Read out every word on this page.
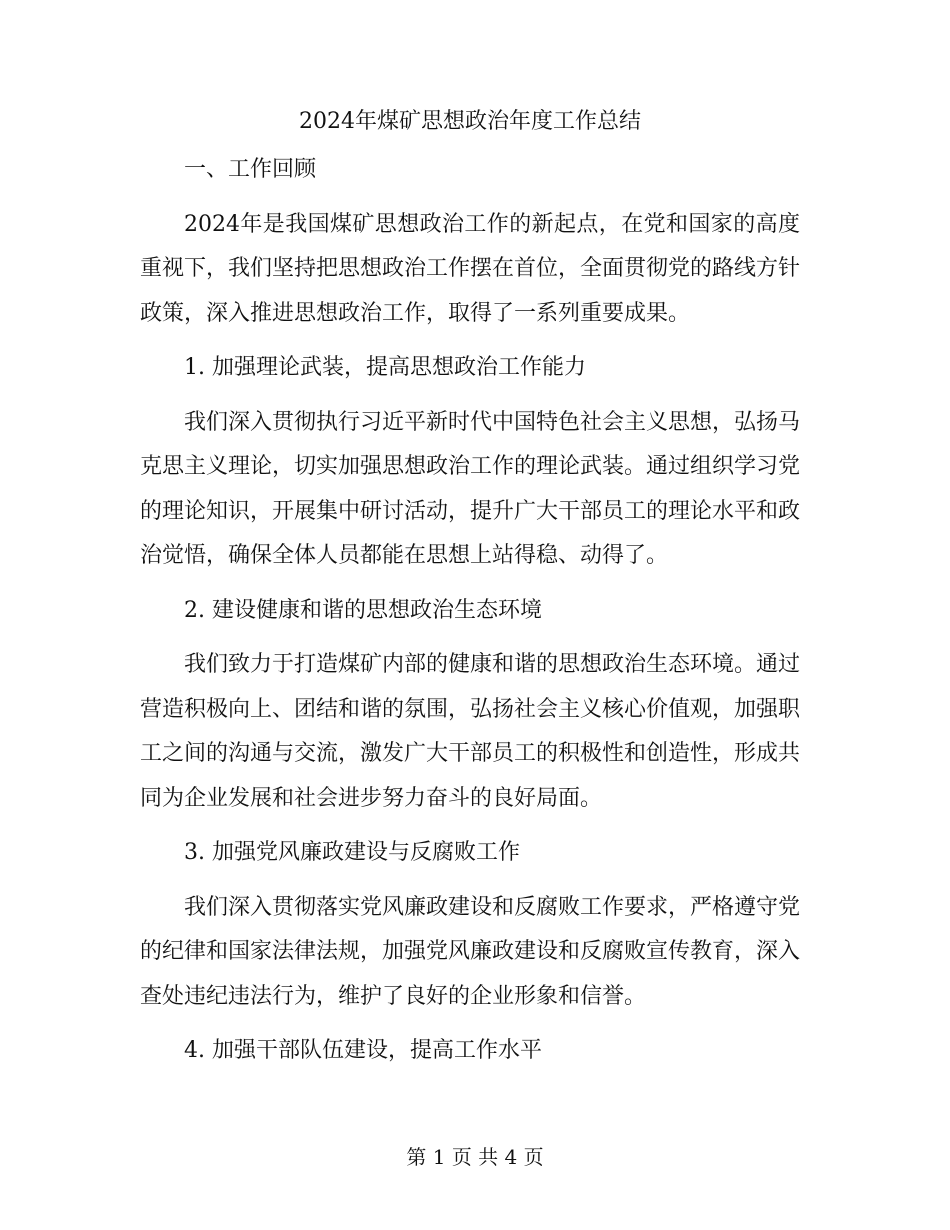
2024年煤矿思想政治年度工作总结
一、工作回顾
2024年是我国煤矿思想政治工作的新起点，在党和国家的高度重视下，我们坚持把思想政治工作摆在首位，全面贯彻党的路线方针政策，深入推进思想政治工作，取得了一系列重要成果。
1. 加强理论武装，提高思想政治工作能力
我们深入贯彻执行习近平新时代中国特色社会主义思想，弘扬马克思主义理论，切实加强思想政治工作的理论武装。通过组织学习党的理论知识，开展集中研讨活动，提升广大干部员工的理论水平和政治觉悟，确保全体人员都能在思想上站得稳、动得了。
2. 建设健康和谐的思想政治生态环境
我们致力于打造煤矿内部的健康和谐的思想政治生态环境。通过营造积极向上、团结和谐的氛围，弘扬社会主义核心价值观，加强职工之间的沟通与交流，激发广大干部员工的积极性和创造性，形成共同为企业发展和社会进步努力奋斗的良好局面。
3. 加强党风廉政建设与反腐败工作
我们深入贯彻落实党风廉政建设和反腐败工作要求，严格遵守党的纪律和国家法律法规，加强党风廉政建设和反腐败宣传教育，深入查处违纪违法行为，维护了良好的企业形象和信誉。
4. 加强干部队伍建设，提高工作水平
第 1 页 共 4 页
